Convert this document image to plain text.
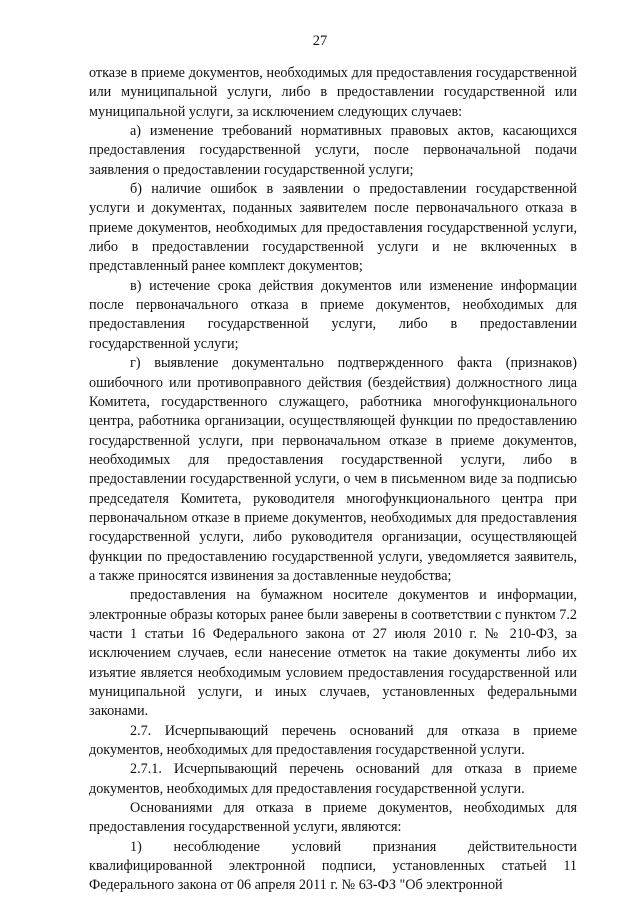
27

отказе в приеме документов, необходимых для предоставления государственной или муниципальной услуги, либо в предоставлении государственной или муниципальной услуги, за исключением следующих случаев:

а) изменение требований нормативных правовых актов, касающихся предоставления государственной услуги, после первоначальной подачи заявления о предоставлении государственной услуги;

б) наличие ошибок в заявлении о предоставлении государственной услуги и документах, поданных заявителем после первоначального отказа в приеме документов, необходимых для предоставления государственной услуги, либо в предоставлении государственной услуги и не включенных в представленный ранее комплект документов;

в) истечение срока действия документов или изменение информации после первоначального отказа в приеме документов, необходимых для предоставления государственной услуги, либо в предоставлении государственной услуги;

г) выявление документально подтвержденного факта (признаков) ошибочного или противоправного действия (бездействия) должностного лица Комитета, государственного служащего, работника многофункционального центра, работника организации, осуществляющей функции по предоставлению государственной услуги, при первоначальном отказе в приеме документов, необходимых для предоставления государственной услуги, либо в предоставлении государственной услуги, о чем в письменном виде за подписью председателя Комитета, руководителя многофункционального центра при первоначальном отказе в приеме документов, необходимых для предоставления государственной услуги, либо руководителя организации, осуществляющей функции по предоставлению государственной услуги, уведомляется заявитель, а также приносятся извинения за доставленные неудобства;

предоставления на бумажном носителе документов и информации, электронные образы которых ранее были заверены в соответствии с пунктом 7.2 части 1 статьи 16 Федерального закона от 27 июля 2010 г. № 210-ФЗ, за исключением случаев, если нанесение отметок на такие документы либо их изъятие является необходимым условием предоставления государственной или муниципальной услуги, и иных случаев, установленных федеральными законами.

2.7. Исчерпывающий перечень оснований для отказа в приеме документов, необходимых для предоставления государственной услуги.

2.7.1. Исчерпывающий перечень оснований для отказа в приеме документов, необходимых для предоставления государственной услуги.

Основаниями для отказа в приеме документов, необходимых для предоставления государственной услуги, являются:

1) несоблюдение условий признания действительности квалифицированной электронной подписи, установленных статьей 11 Федерального закона от 06 апреля 2011 г. № 63-ФЗ "Об электронной
